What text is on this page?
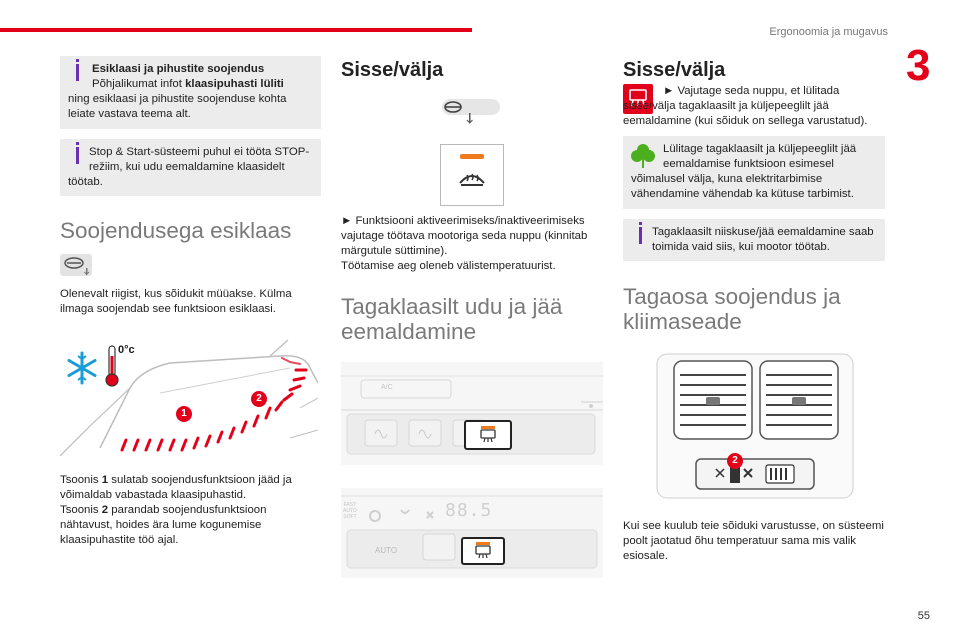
Ergonoomia ja mugavus
3
55
Esiklaasi ja pihustite soojendus
Põhjalikumat infot klaasipuhasti lüliti
ning esiklaasi ja pihustite soojenduse kohta leiate vastava teema alt.
Stop & Start-süsteemi puhul ei tööta STOP-režiim, kui udu eemaldamine klaasidelt töötab.
Soojendusega esiklaas
Olenevalt riigist, kus sõidukit müüakse. Külma ilmaga soojendab see funktsioon esiklaasi.
0°c
1
2

Tsoonis 1 sulatab soojendusfunktsioon jääd ja võimaldab vabastada klaasipuhastid.

Tsoonis 2 parandab soojendusfunktsioon nähtavust, hoides ära lume kogunemise klaasipuhastite töö ajal.

Sisse/välja

► Funktsiooni aktiveerimiseks/inaktiveerimiseks vajutage töötava mootoriga seda nuppu (kinnitab märgutule süttimine).

Töötamise aeg oleneb välistemperatuurist.

Tagaklaasilt udu ja jää eemaldamine
A/C
FAST
AUTO
SOFT	88.5
AUTO
Sisse/välja
► Vajutage seda nuppu, et lülitada sisse/välja tagaklaasilt ja küljepeeglilt jää eemaldamine (kui sõiduk on sellega varustatud).
Lülitage tagaklaasilt ja küljepeeglilt jää eemaldamise funktsioon esimesel võimalusel välja, kuna elektritarbimise vähendamine vähendab ka kütuse tarbimist.
Tagaklaasilt niiskuse/jää eemaldamine saab toimida vaid siis, kui mootor töötab.
Tagaosa soojendus ja kliimaseade
2
Kui see kuulub teie sõiduki varustusse, on süsteemi poolt jaotatud õhu temperatuur sama mis valik esiosale.
